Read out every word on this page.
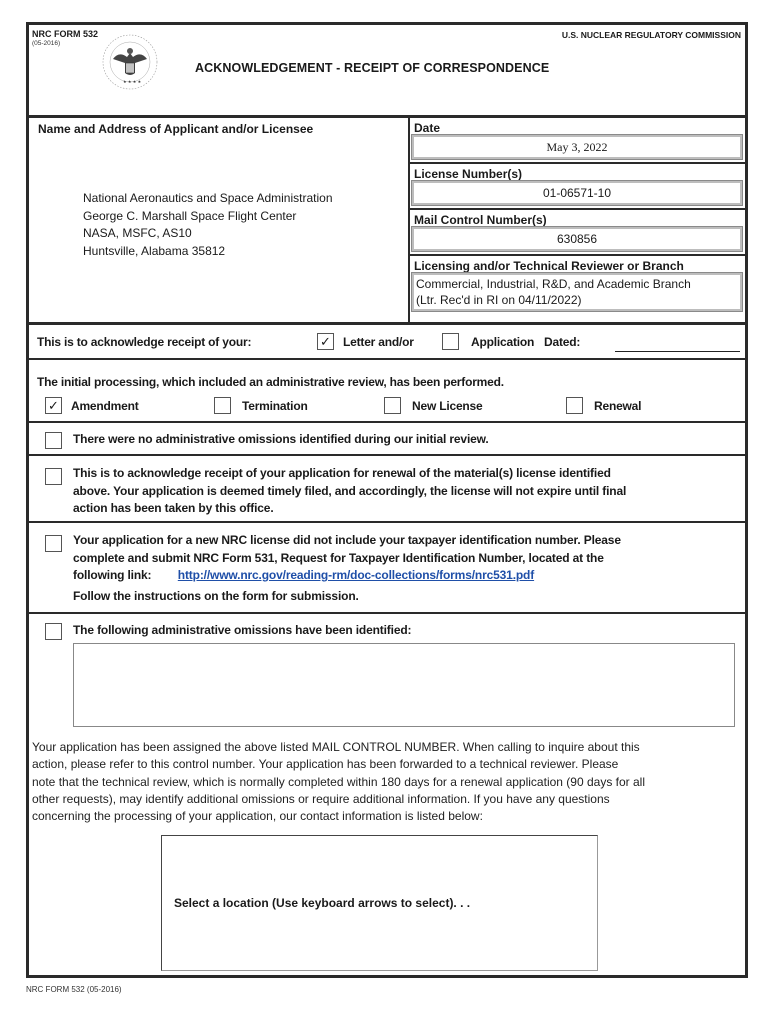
NRC FORM 532
(05-2016)
★ ★ ★ ★
U.S. NUCLEAR REGULATORY COMMISSION
ACKNOWLEDGEMENT - RECEIPT OF CORRESPONDENCE
Name and Address of Applicant and/or Licensee
National Aeronautics and Space Administration
George C. Marshall Space Flight Center
NASA, MSFC, AS10
Huntsville, Alabama 35812
Date
May 3, 2022
License Number(s)
01-06571-10
Mail Control Number(s)
630856
Licensing and/or Technical Reviewer or Branch
Commercial, Industrial, R&D, and Academic Branch
(Ltr. Rec'd in RI on 04/11/2022)
This is to acknowledge receipt of your:	✓ Letter and/or	Application Dated:
The initial processing, which included an administrative review, has been performed.
✓ Amendment	Termination	New License	Renewal
There were no administrative omissions identified during our initial review.
This is to acknowledge receipt of your application for renewal of the material(s) license identified
above. Your application is deemed timely filed, and accordingly, the license will not expire until final
action has been taken by this office.
Your application for a new NRC license did not include your taxpayer identification number. Please
complete and submit NRC Form 531, Request for Taxpayer Identification Number, located at the
following link: http://www.nrc.gov/reading-rm/doc-collections/forms/nrc531.pdf
Follow the instructions on the form for submission.
The following administrative omissions have been identified:
Your application has been assigned the above listed MAIL CONTROL NUMBER. When calling to inquire about this
action, please refer to this control number. Your application has been forwarded to a technical reviewer. Please
note that the technical review, which is normally completed within 180 days for a renewal application (90 days for all
other requests), may identify additional omissions or require additional information. If you have any questions
concerning the processing of your application, our contact information is listed below:
Select a location (Use keyboard arrows to select). . .
NRC FORM 532 (05-2016)
